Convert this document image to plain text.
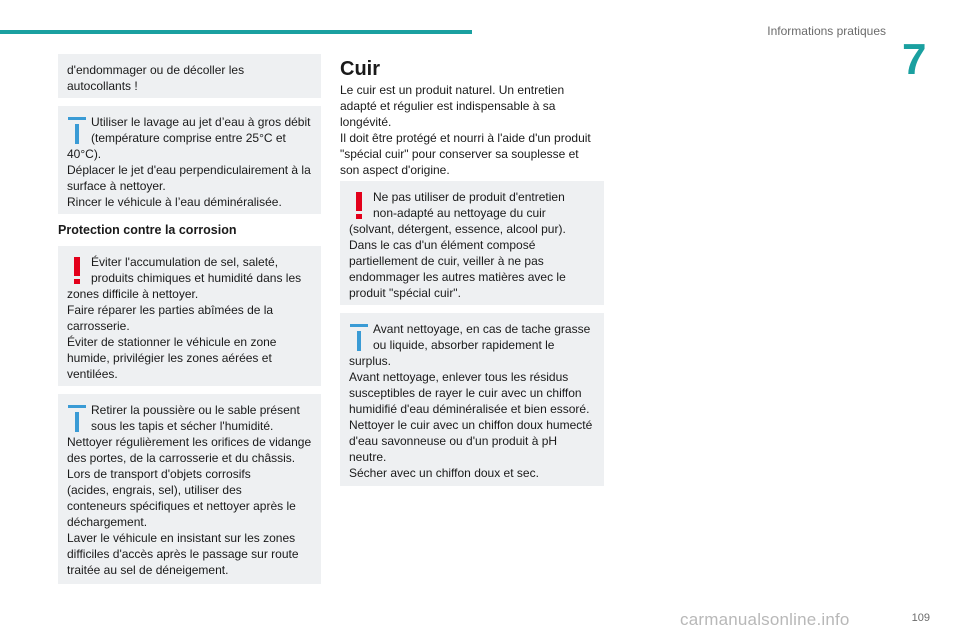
Informations pratiques
7

d'endommager ou de décoller les
autocollants !

Utiliser le lavage au jet d’eau à gros débit
(température comprise entre 25°C et
40°C).
Déplacer le jet d'eau perpendiculairement à la
surface à nettoyer.
Rincer le véhicule à l’eau déminéralisée.

Protection contre la corrosion

Éviter l'accumulation de sel, saleté,
produits chimiques et humidité dans les
zones difficile à nettoyer.
Faire réparer les parties abîmées de la
carrosserie.
Éviter de stationner le véhicule en zone
humide, privilégier les zones aérées et
ventilées.

Retirer la poussière ou le sable présent
sous les tapis et sécher l'humidité.
Nettoyer régulièrement les orifices de vidange
des portes, de la carrosserie et du châssis.
Lors de transport d'objets corrosifs
(acides, engrais, sel), utiliser des
conteneurs spécifiques et nettoyer après le
déchargement.
Laver le véhicule en insistant sur les zones
difficiles d'accès après le passage sur route
traitée au sel de déneigement.

Cuir
Le cuir est un produit naturel. Un entretien
adapté et régulier est indispensable à sa
longévité.
Il doit être protégé et nourri à l'aide d'un produit
"spécial cuir" pour conserver sa souplesse et
son aspect d'origine.

Ne pas utiliser de produit d'entretien
non-adapté au nettoyage du cuir
(solvant, détergent, essence, alcool pur).
Dans le cas d'un élément composé
partiellement de cuir, veiller à ne pas
endommager les autres matières avec le
produit "spécial cuir".

Avant nettoyage, en cas de tache grasse
ou liquide, absorber rapidement le
surplus.
Avant nettoyage, enlever tous les résidus
susceptibles de rayer le cuir avec un chiffon
humidifié d'eau déminéralisée et bien essoré.
Nettoyer le cuir avec un chiffon doux humecté
d'eau savonneuse ou d'un produit à pH
neutre.
Sécher avec un chiffon doux et sec.

carmanualsonline.info	109
